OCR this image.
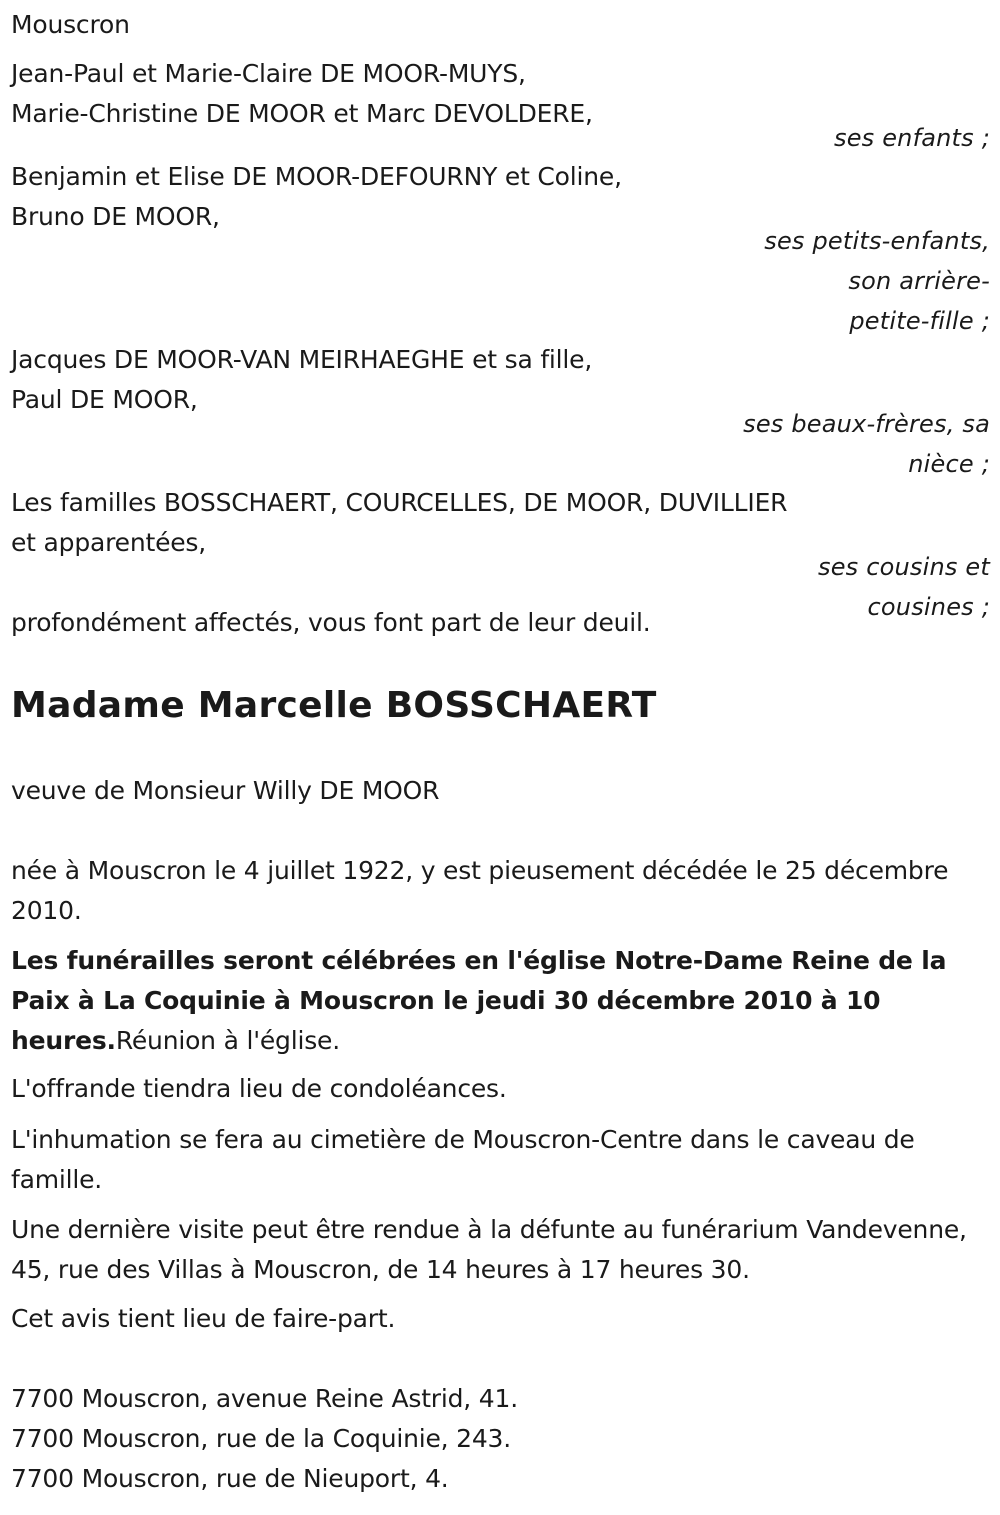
Mouscron
Jean-Paul et Marie-Claire DE MOOR-MUYS,
Marie-Christine DE MOOR et Marc DEVOLDERE,
ses enfants ;
Benjamin et Elise DE MOOR-DEFOURNY et Coline,
Bruno DE MOOR,
ses petits-enfants,
son arrière-
petite-fille ;
Jacques DE MOOR-VAN MEIRHAEGHE et sa fille,
Paul DE MOOR,
ses beaux-frères, sa
nièce ;
Les familles BOSSCHAERT, COURCELLES, DE MOOR, DUVILLIER
et apparentées,
ses cousins et
cousines ;
profondément affectés, vous font part de leur deuil.
Madame Marcelle BOSSCHAERT
veuve de Monsieur Willy DE MOOR
née à Mouscron le 4 juillet 1922, y est pieusement décédée le 25 décembre 2010.
Les funérailles seront célébrées en l'église Notre-Dame Reine de la Paix à La Coquinie à Mouscron le jeudi 30 décembre 2010 à 10 heures.Réunion à l'église.
L'offrande tiendra lieu de condoléances.
L'inhumation se fera au cimetière de Mouscron-Centre dans le caveau de famille.
Une dernière visite peut être rendue à la défunte au funérarium Vandevenne, 45, rue des Villas à Mouscron, de 14 heures à 17 heures 30.
Cet avis tient lieu de faire-part.
7700 Mouscron, avenue Reine Astrid, 41.
7700 Mouscron, rue de la Coquinie, 243.
7700 Mouscron, rue de Nieuport, 4.
